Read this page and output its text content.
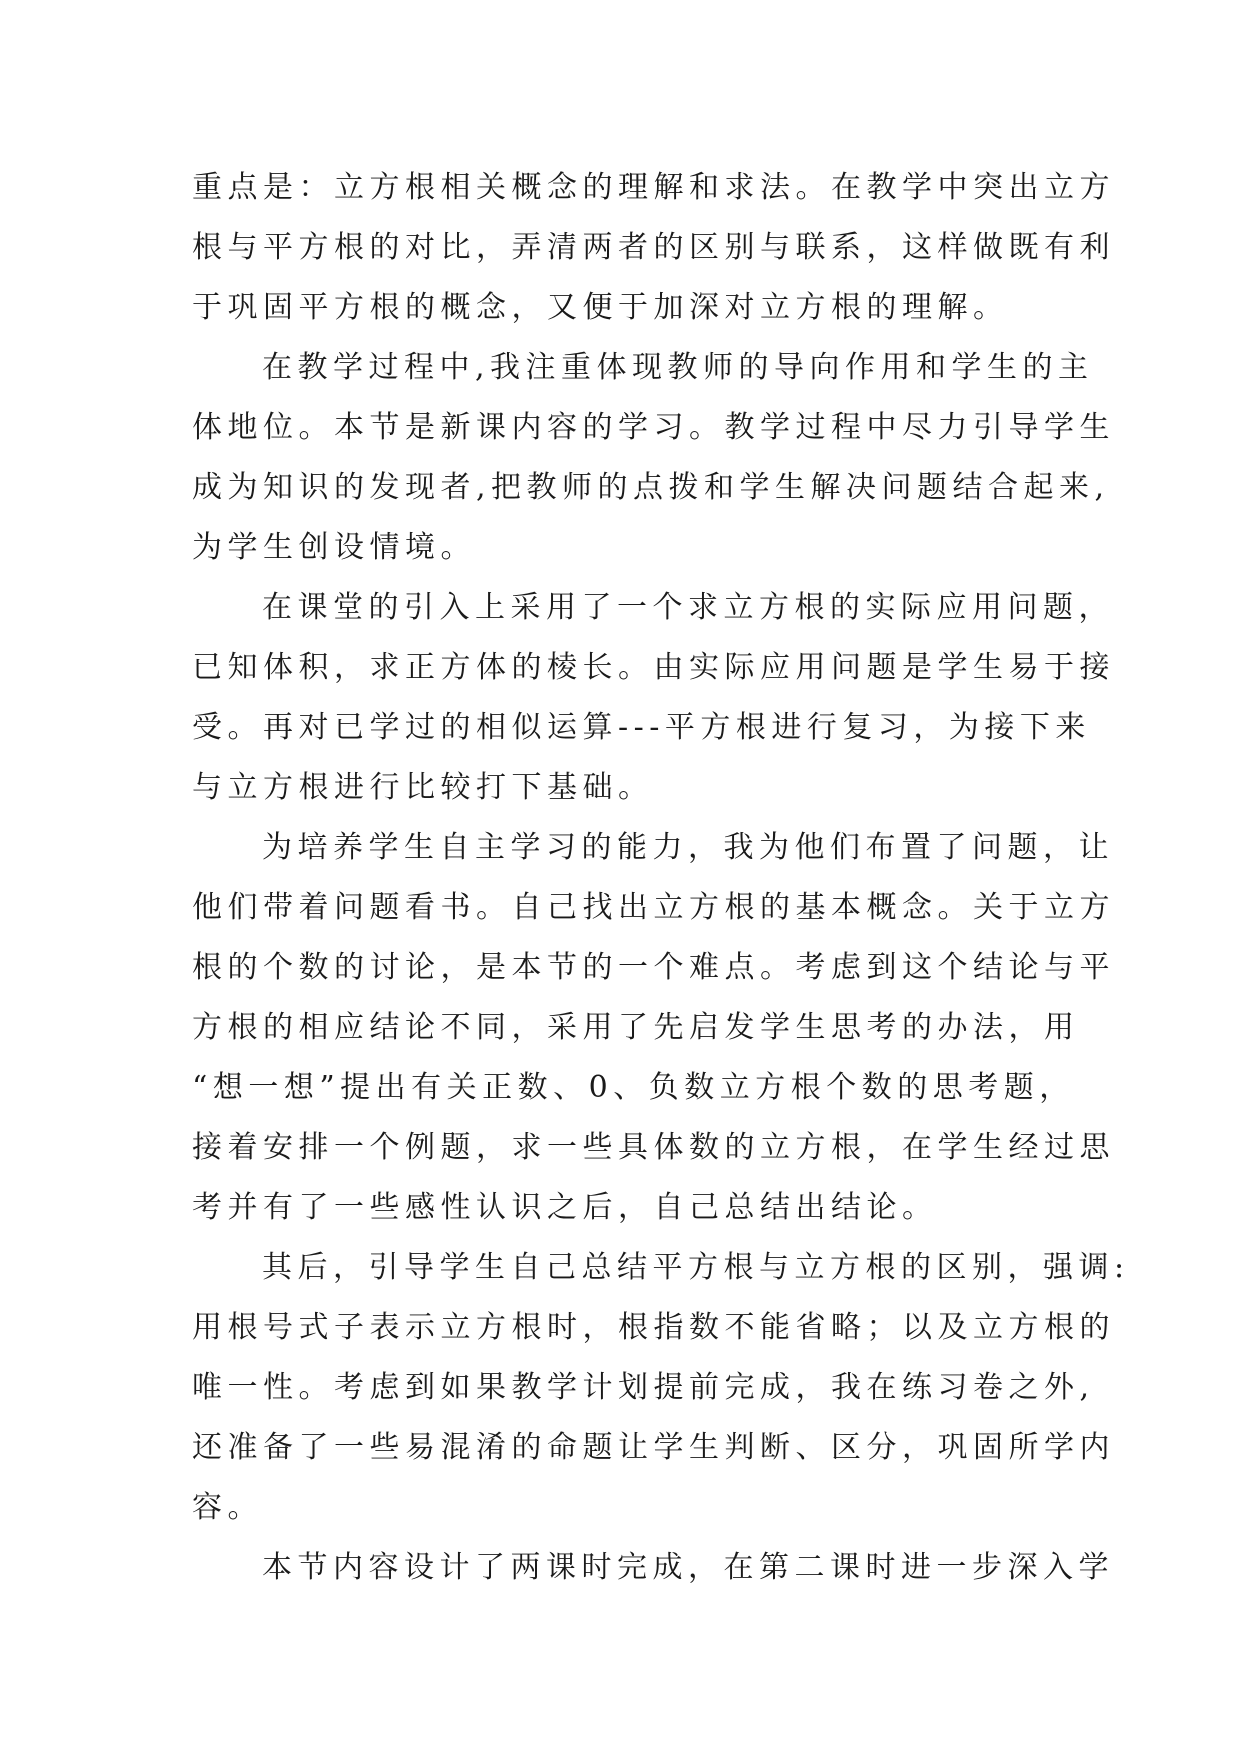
重点是：立方根相关概念的理解和求法。在教学中突出立方
根与平方根的对比，弄清两者的区别与联系，这样做既有利
于巩固平方根的概念，又便于加深对立方根的理解。
在教学过程中,我注重体现教师的导向作用和学生的主
体地位。本节是新课内容的学习。教学过程中尽力引导学生
成为知识的发现者,把教师的点拨和学生解决问题结合起来,
为学生创设情境。
在课堂的引入上采用了一个求立方根的实际应用问题，
已知体积，求正方体的棱长。由实际应用问题是学生易于接
受。再对已学过的相似运算---平方根进行复习，为接下来
与立方根进行比较打下基础。
为培养学生自主学习的能力，我为他们布置了问题，让
他们带着问题看书。自己找出立方根的基本概念。关于立方
根的个数的讨论，是本节的一个难点。考虑到这个结论与平
方根的相应结论不同，采用了先启发学生思考的办法，用
“想一想”提出有关正数、0、负数立方根个数的思考题，
接着安排一个例题，求一些具体数的立方根，在学生经过思
考并有了一些感性认识之后，自己总结出结论。
其后，引导学生自己总结平方根与立方根的区别，强调:
用根号式子表示立方根时，根指数不能省略；以及立方根的
唯一性。考虑到如果教学计划提前完成，我在练习卷之外,
还准备了一些易混淆的命题让学生判断、区分，巩固所学内
容。
本节内容设计了两课时完成，在第二课时进一步深入学
